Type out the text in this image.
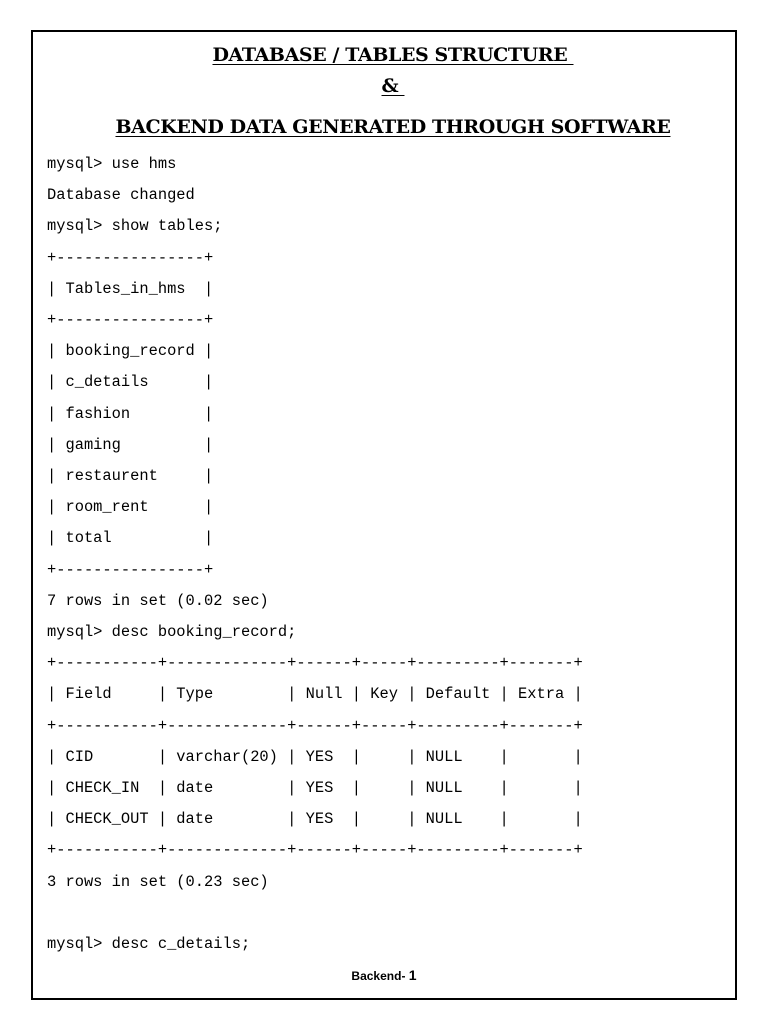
DATABASE / TABLES STRUCTURE
&
BACKEND DATA GENERATED THROUGH SOFTWARE
mysql> use hms
Database changed
mysql> show tables;
+----------------+
| Tables_in_hms  |
+----------------+
| booking_record |
| c_details      |
| fashion        |
| gaming         |
| restaurent     |
| room_rent      |
| total          |
+----------------+
7 rows in set (0.02 sec)
mysql> desc booking_record;
+-----------+-------------+------+-----+---------+-------+
| Field     | Type        | Null | Key | Default | Extra |
+-----------+-------------+------+-----+---------+-------+
| CID       | varchar(20) | YES  |     | NULL    |       |
| CHECK_IN  | date        | YES  |     | NULL    |       |
| CHECK_OUT | date        | YES  |     | NULL    |       |
+-----------+-------------+------+-----+---------+-------+
3 rows in set (0.23 sec)
mysql> desc c_details;
Backend- 1
